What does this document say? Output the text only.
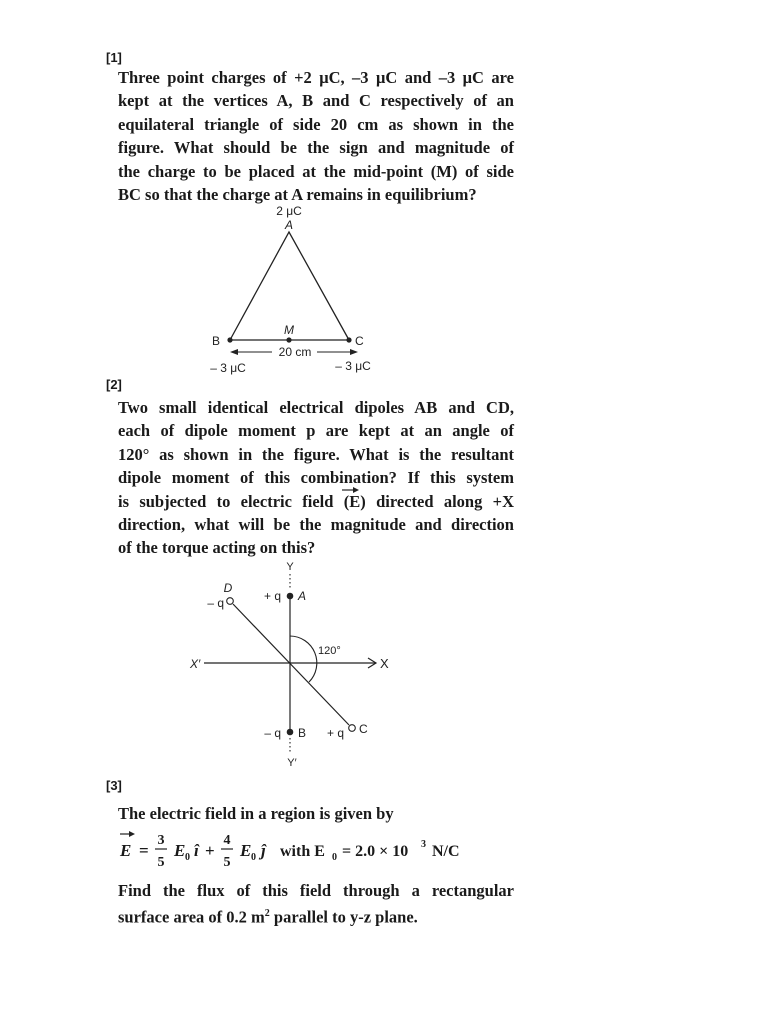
[1]
Three point charges of +2 μC, –3 μC and –3 μC are
kept at the vertices A, B and C respectively of an
equilateral triangle of side 20 cm as shown in the
figure. What should be the sign and magnitude of
the charge to be placed at the mid-point (M) of side
BC so that the charge at A remains in equilibrium?
2 μC
A
B
M
C
20 cm
– 3 μC	– 3 μC
[2]
Two small identical electrical dipoles AB and CD,
each of dipole moment p are kept at an angle of
120° as shown in the figure. What is the resultant
dipole moment of this combination? If this system
is subjected to electric field (E) directed along +X
direction, what will be the magnitude and direction
of the torque acting on this?
Y
Y′
X′	X
120°
D
– q	+ q A
– q B + q C
[3]
The electric field in a region is given by
E =
3
5
E 0 î +
4
5
E 0 ĵ with E 0 = 2.0 × 10 3 N/C
Find the flux of this field through a rectangular
surface area of 0.2 $m^2$ parallel to y-z plane.
